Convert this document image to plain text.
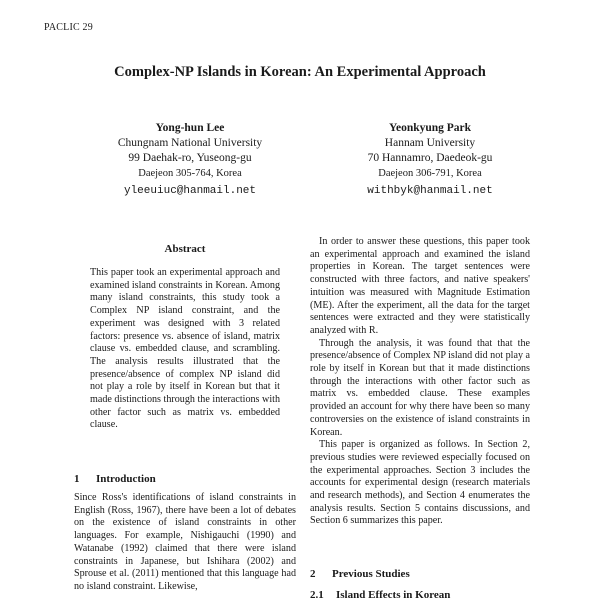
PACLIC 29
Complex-NP Islands in Korean: An Experimental Approach
Yong-hun Lee
Chungnam National University
99 Daehak-ro, Yuseong-gu
Daejeon 305-764, Korea
yleeuiuc@hanmail.net
Yeonkyung Park
Hannam University
70 Hannamro, Daedeok-gu
Daejeon 306-791, Korea
withbyk@hanmail.net
Abstract

This paper took an experimental approach and examined island constraints in Korean. Among many island constraints, this study took a Complex NP island constraint, and the experiment was designed with 3 related factors: presence vs. absence of island, matrix clause vs. embedded clause, and scrambling. The analysis results illustrated that the presence/absence of complex NP island did not play a role by itself in Korean but that it made distinctions through the interactions with other factor such as matrix vs. embedded clause.

1 Introduction

Since Ross's identifications of island constraints in English (Ross, 1967), there have been a lot of debates on the existence of island constraints in other languages. For example, Nishigauchi (1990) and Watanabe (1992) claimed that there were island constraints in Japanese, but Ishihara (2002) and Sprouse et al. (2011) mentioned that this language had no island constraint. Likewise,

In order to answer these questions, this paper took an experimental approach and examined the island properties in Korean. The target sentences were constructed with three factors, and native speakers' intuition was measured with Magnitude Estimation (ME). After the experiment, all the data for the target sentences were extracted and they were statistically analyzed with R.

Through the analysis, it was found that that the presence/absence of Complex NP island did not play a role by itself in Korean but that it made distinctions through the interactions with other factor such as matrix vs. embedded clause. These examples provided an account for why there have been so many controversies on the existence of island constraints in Korean.

This paper is organized as follows. In Section 2, previous studies were reviewed especially focused on the experimental approaches. Section 3 includes the accounts for experimental design (research materials and research methods), and Section 4 enumerates the analysis results. Section 5 contains discussions, and Section 6 summarizes this paper.

2 Previous Studies
2.1 Island Effects in Korean
